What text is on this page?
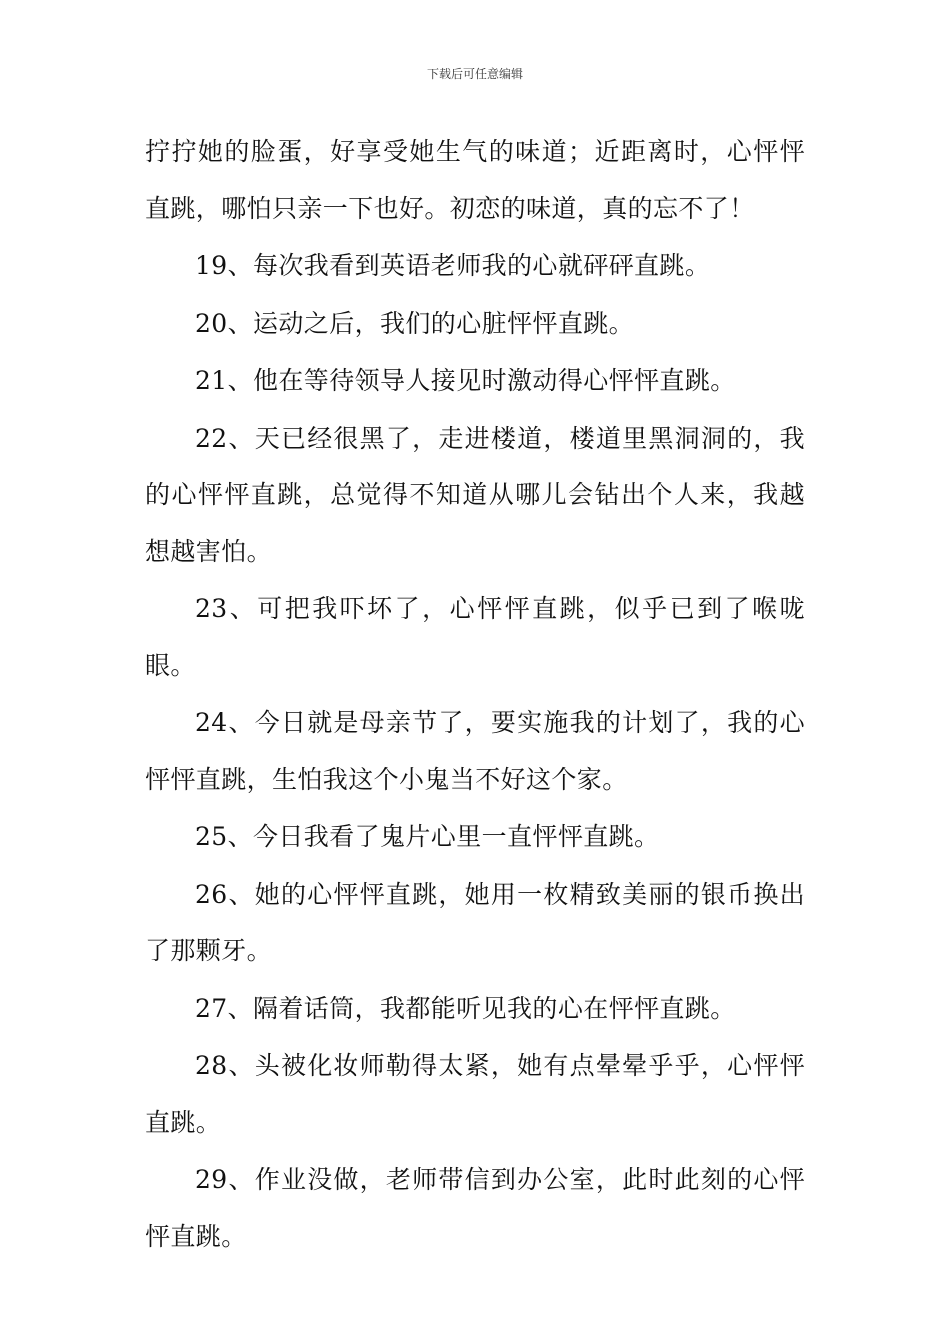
下载后可任意编辑

拧拧她的脸蛋，好享受她生气的味道；近距离时，心怦怦直跳，哪怕只亲一下也好。初恋的味道，真的忘不了！

19、每次我看到英语老师我的心就砰砰直跳。

20、运动之后，我们的心脏怦怦直跳。

21、他在等待领导人接见时激动得心怦怦直跳。

22、天已经很黑了，走进楼道，楼道里黑洞洞的，我的心怦怦直跳，总觉得不知道从哪儿会钻出个人来，我越想越害怕。

23、可把我吓坏了，心怦怦直跳，似乎已到了喉咙眼。

24、今日就是母亲节了，要实施我的计划了，我的心怦怦直跳，生怕我这个小鬼当不好这个家。

25、今日我看了鬼片心里一直怦怦直跳。

26、她的心怦怦直跳，她用一枚精致美丽的银币换出了那颗牙。

27、隔着话筒，我都能听见我的心在怦怦直跳。

28、头被化妆师勒得太紧，她有点晕晕乎乎，心怦怦直跳。

29、作业没做，老师带信到办公室，此时此刻的心怦怦直跳。
